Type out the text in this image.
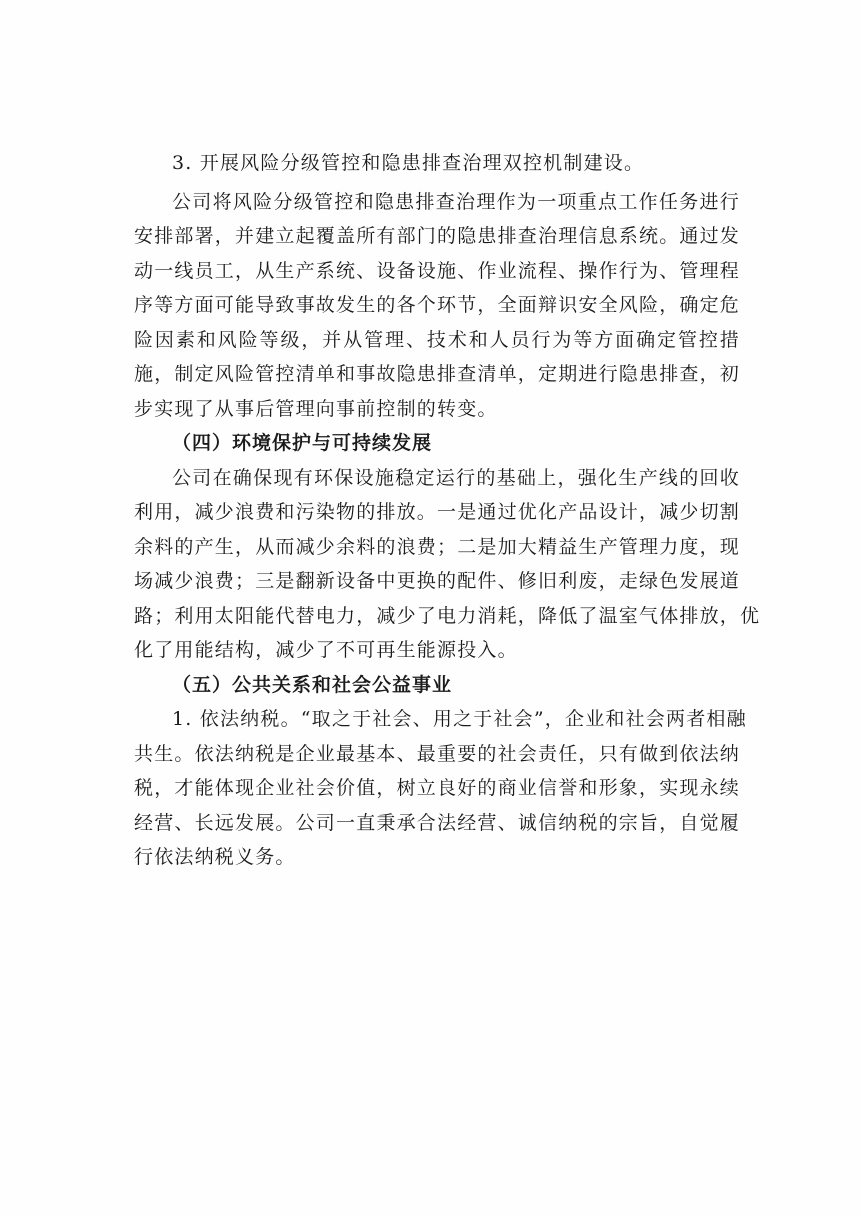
3. 开展风险分级管控和隐患排查治理双控机制建设。
公司将风险分级管控和隐患排查治理作为一项重点工作任务进行
安排部署，并建立起覆盖所有部门的隐患排查治理信息系统。通过发
动一线员工，从生产系统、设备设施、作业流程、操作行为、管理程
序等方面可能导致事故发生的各个环节，全面辩识安全风险，确定危
险因素和风险等级，并从管理、技术和人员行为等方面确定管控措
施，制定风险管控清单和事故隐患排查清单，定期进行隐患排查，初
步实现了从事后管理向事前控制的转变。
（四）环境保护与可持续发展
公司在确保现有环保设施稳定运行的基础上，强化生产线的回收
利用，减少浪费和污染物的排放。一是通过优化产品设计，减少切割
余料的产生，从而减少余料的浪费；二是加大精益生产管理力度，现
场减少浪费；三是翻新设备中更换的配件、修旧利废，走绿色发展道
路；利用太阳能代替电力，减少了电力消耗，降低了温室气体排放，优
化了用能结构，减少了不可再生能源投入。
（五）公共关系和社会公益事业
1. 依法纳税。“取之于社会、用之于社会”，企业和社会两者相融
共生。依法纳税是企业最基本、最重要的社会责任，只有做到依法纳
税，才能体现企业社会价值，树立良好的商业信誉和形象，实现永续
经营、长远发展。公司一直秉承合法经营、诚信纳税的宗旨，自觉履
行依法纳税义务。
